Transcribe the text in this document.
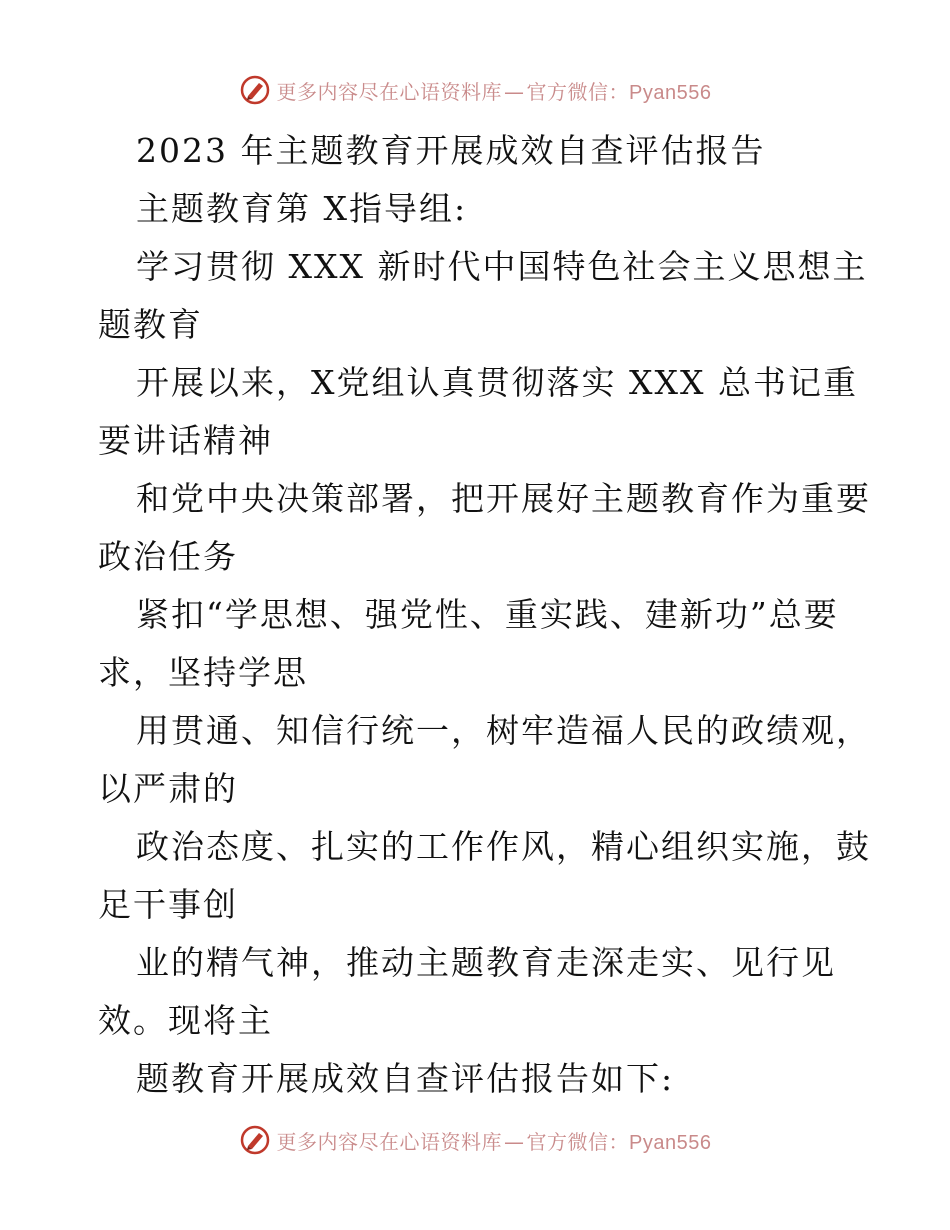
更多内容尽在心语资料库 — 官方微信：Pyan556
2023 年主题教育开展成效自查评估报告
主题教育第 X指导组:
学习贯彻 XXX 新时代中国特色社会主义思想主
题教育
开展以来，X党组认真贯彻落实 XXX 总书记重
要讲话精神
和党中央决策部署，把开展好主题教育作为重要
政治任务
紧扣“学思想、强党性、重实践、建新功”总要
求，坚持学思
用贯通、知信行统一，树牢造福人民的政绩观，
以严肃的
政治态度、扎实的工作作风，精心组织实施，鼓
足干事创
业的精气神，推动主题教育走深走实、见行见
效。现将主
题教育开展成效自查评估报告如下:
更多内容尽在心语资料库 — 官方微信：Pyan556
